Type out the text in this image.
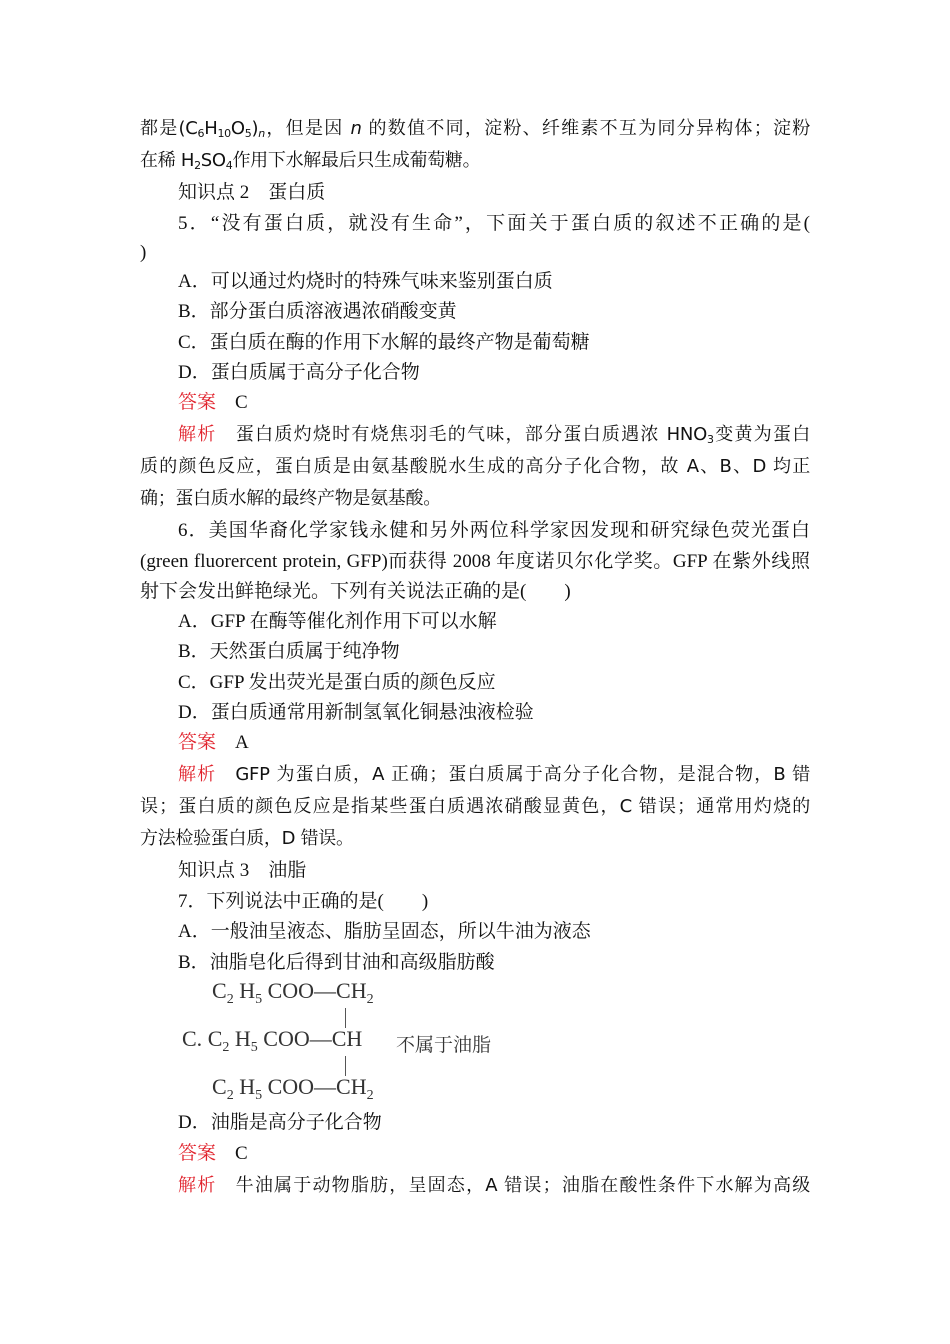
都是$(C_6H_{10}O_5)_n$，但是因 n 的数值不同，淀粉、纤维素不互为同分异构体；淀粉
在稀 $H_2SO_4$作用下水解最后只生成葡萄糖。
知识点 2　蛋白质
5．“没有蛋白质，就没有生命”，下面关于蛋白质的叙述不正确的是(
)
A．可以通过灼烧时的特殊气味来鉴别蛋白质
B．部分蛋白质溶液遇浓硝酸变黄
C．蛋白质在酶的作用下水解的最终产物是葡萄糖
D．蛋白质属于高分子化合物
答案　C
解析　蛋白质灼烧时有烧焦羽毛的气味，部分蛋白质遇浓 $HNO_3$变黄为蛋白
质的颜色反应，蛋白质是由氨基酸脱水生成的高分子化合物，故 A、B、D 均正
确；蛋白质水解的最终产物是氨基酸。
6．美国华裔化学家钱永健和另外两位科学家因发现和研究绿色荧光蛋白
(green fluorercent protein, GFP)而获得 2008 年度诺贝尔化学奖。GFP 在紫外线照
射下会发出鲜艳绿光。下列有关说法正确的是(　　)
A．GFP 在酶等催化剂作用下可以水解
B．天然蛋白质属于纯净物
C．GFP 发出荧光是蛋白质的颜色反应
D．蛋白质通常用新制氢氧化铜悬浊液检验
答案　A
解析　GFP 为蛋白质，A 正确；蛋白质属于高分子化合物，是混合物，B 错
误；蛋白质的颜色反应是指某些蛋白质遇浓硝酸显黄色，C 错误；通常用灼烧的
方法检验蛋白质，D 错误。
知识点 3　油脂
7．下列说法中正确的是(　　)
A．一般油呈液态、脂肪呈固态，所以牛油为液态
B．油脂皂化后得到甘油和高级脂肪酸
D．油脂是高分子化合物
答案　C
解析　牛油属于动物脂肪，呈固态，A 错误；油脂在酸性条件下水解为高级
$C_2$ $H_5$ $COO—CH_2$
C. $C_2$ $H_5$ COO—CH 不属于油脂
$C_2$ $H_5$ $COO—CH_2$
